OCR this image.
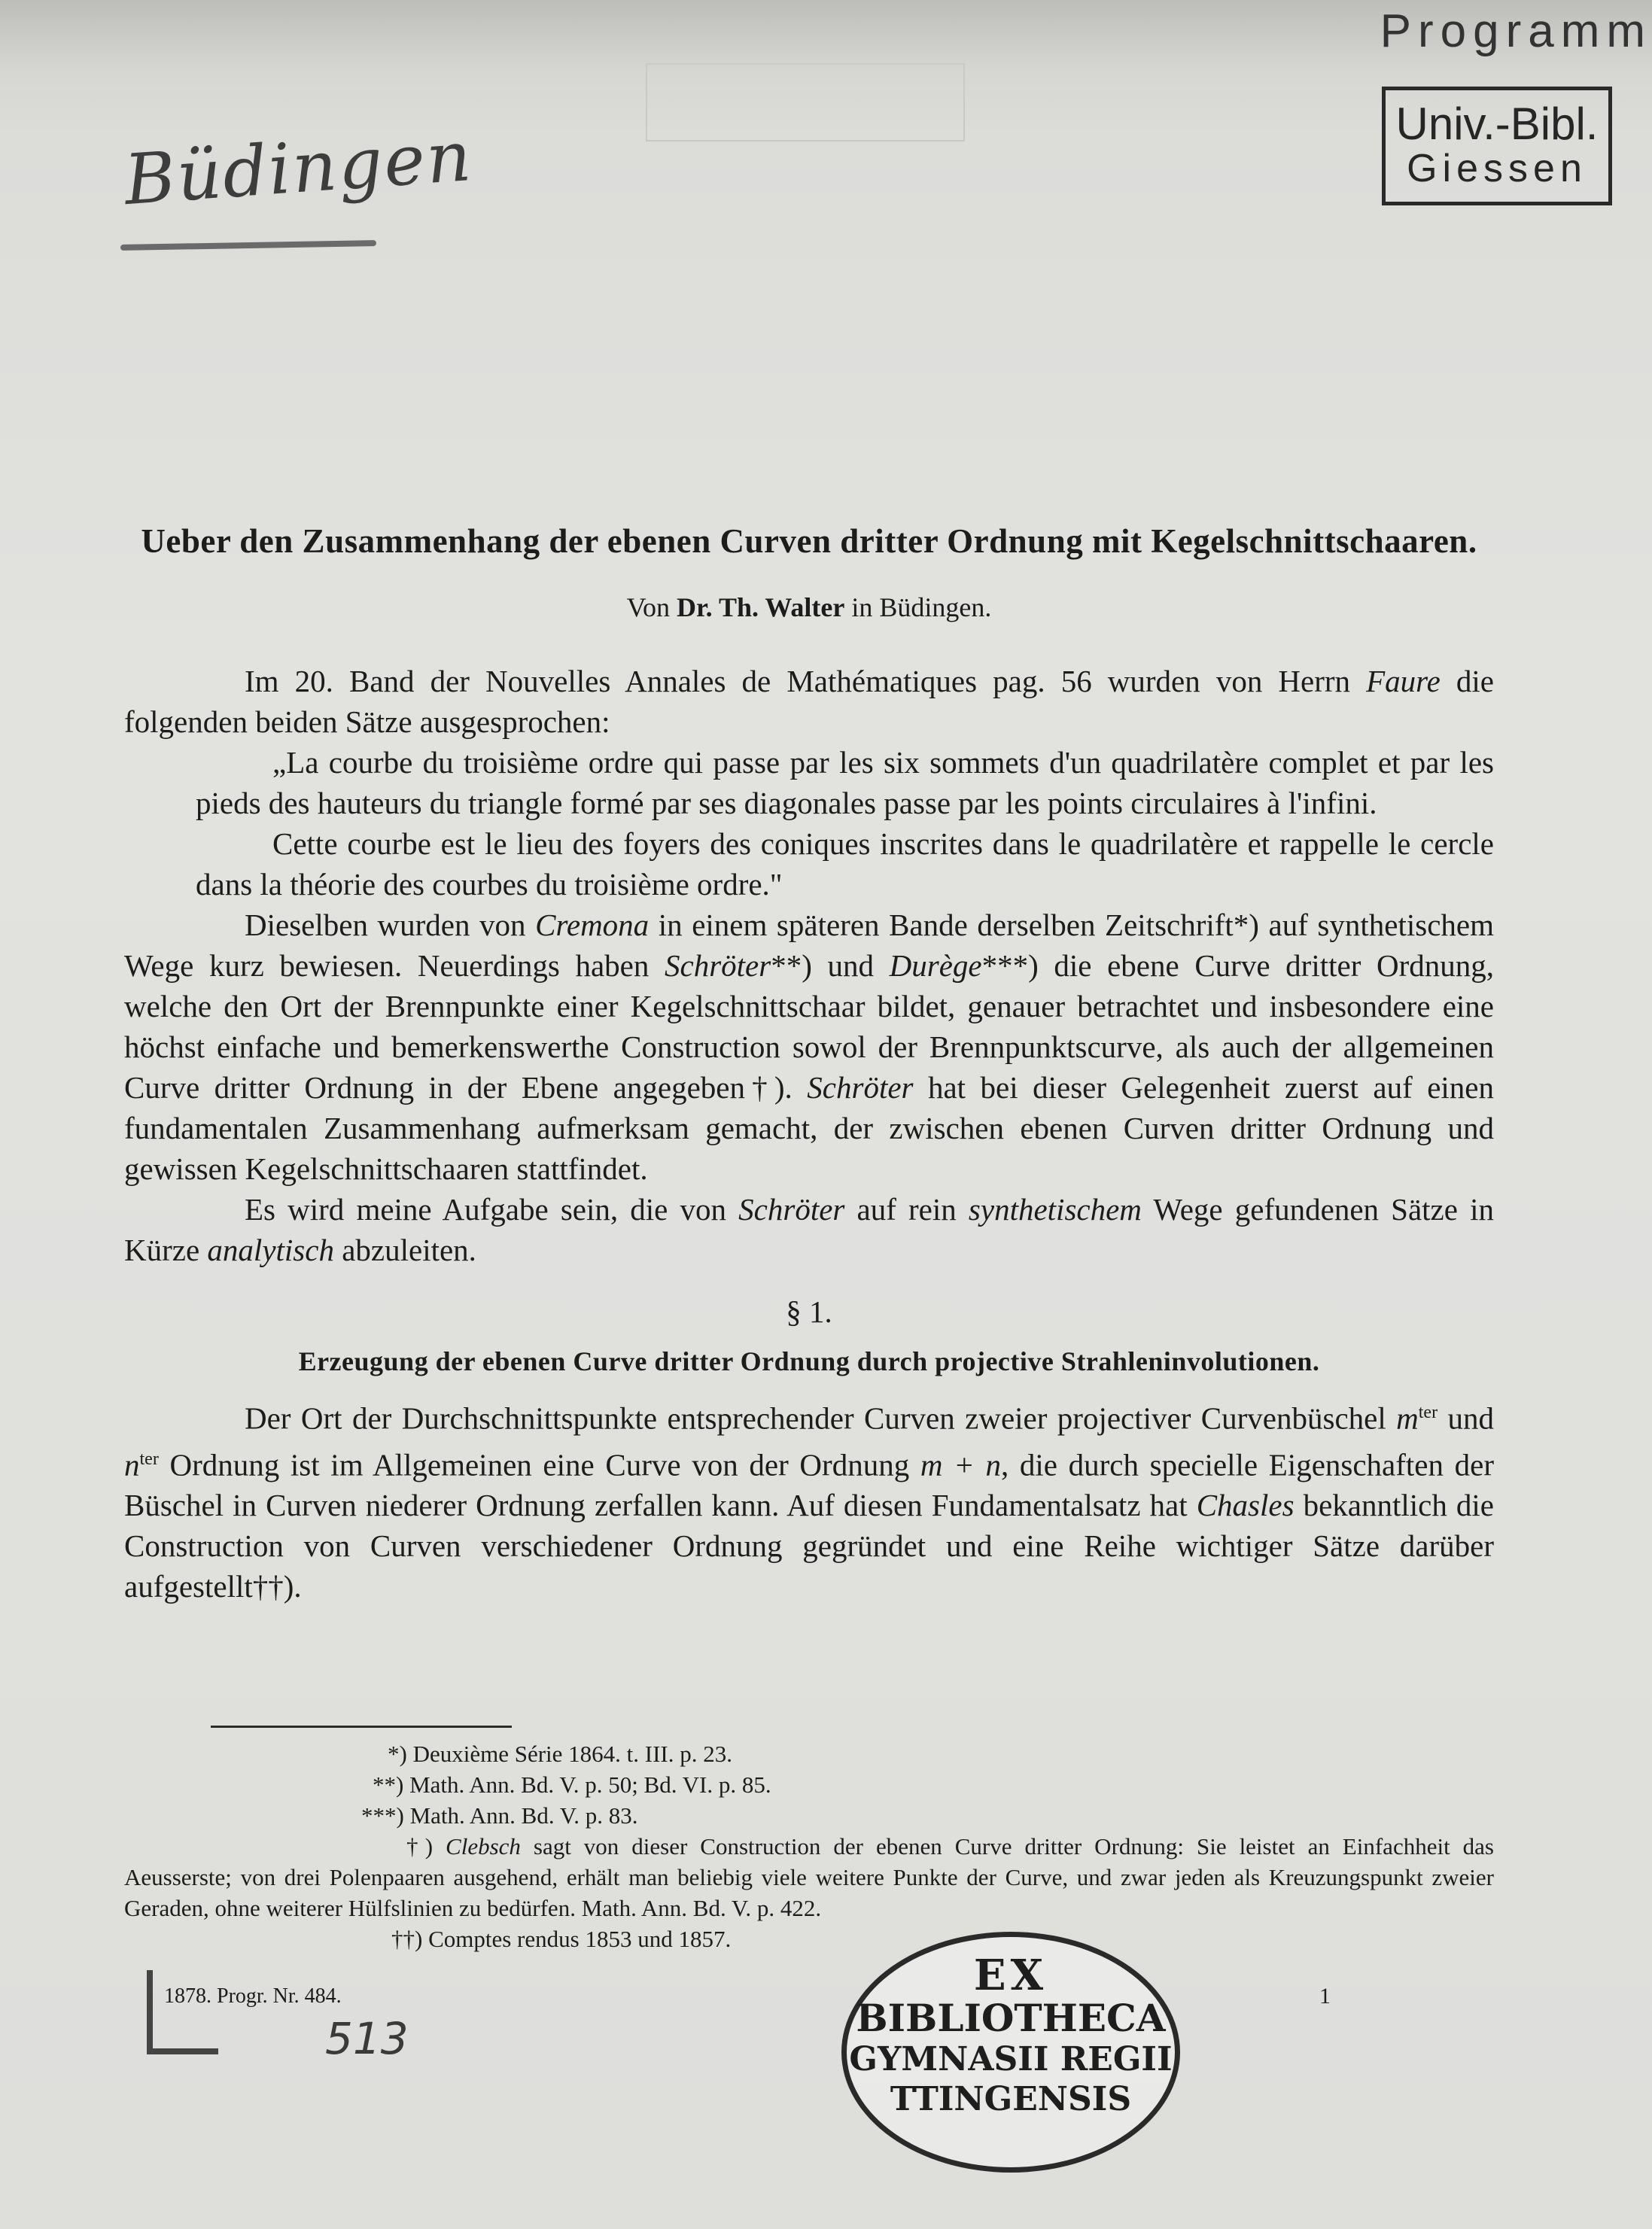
Programm
Univ.-Bibl.
Giessen
Büdingen
Ueber den Zusammenhang der ebenen Curven dritter Ordnung mit Kegelschnittschaaren.
Von Dr. Th. Walter in Büdingen.
Im 20. Band der Nouvelles Annales de Mathématiques pag. 56 wurden von Herrn Faure die folgenden beiden Sätze ausgesprochen:
„La courbe du troisième ordre qui passe par les six sommets d'un quadrilatère complet et par les pieds des hauteurs du triangle formé par ses diagonales passe par les points circulaires à l'infini.
Cette courbe est le lieu des foyers des coniques inscrites dans le quadrilatère et rappelle le cercle dans la théorie des courbes du troisième ordre."
Dieselben wurden von Cremona in einem späteren Bande derselben Zeitschrift*) auf synthetischem Wege kurz bewiesen. Neuerdings haben Schröter**) und Durège***) die ebene Curve dritter Ordnung, welche den Ort der Brennpunkte einer Kegelschnittschaar bildet, genauer betrachtet und insbesondere eine höchst einfache und bemerkenswerthe Construction sowol der Brennpunktscurve, als auch der allgemeinen Curve dritter Ordnung in der Ebene angegeben†). Schröter hat bei dieser Gelegenheit zuerst auf einen fundamentalen Zusammenhang aufmerksam gemacht, der zwischen ebenen Curven dritter Ordnung und gewissen Kegelschnittschaaren stattfindet.
Es wird meine Aufgabe sein, die von Schröter auf rein synthetischem Wege gefundenen Sätze in Kürze analytisch abzuleiten.
§ 1.
Erzeugung der ebenen Curve dritter Ordnung durch projective Strahleninvolutionen.
Der Ort der Durchschnittspunkte entsprechender Curven zweier projectiver Curvenbüschel $m^{ter}$ und $n^{ter}$ Ordnung ist im Allgemeinen eine Curve von der Ordnung m + n, die durch specielle Eigenschaften der Büschel in Curven niederer Ordnung zerfallen kann. Auf diesen Fundamentalsatz hat Chasles bekanntlich die Construction von Curven verschiedener Ordnung gegründet und eine Reihe wichtiger Sätze darüber aufgestellt††).
*) Deuxième Série 1864. t. III. p. 23.
**) Math. Ann. Bd. V. p. 50; Bd. VI. p. 85.
***) Math. Ann. Bd. V. p. 83.
†) Clebsch sagt von dieser Construction der ebenen Curve dritter Ordnung: Sie leistet an Einfachheit das Aeusserste; von drei Polenpaaren ausgehend, erhält man beliebig viele weitere Punkte der Curve, und zwar jeden als Kreuzungspunkt zweier Geraden, ohne weiterer Hülfslinien zu bedürfen. Math. Ann. Bd. V. p. 422.
††) Comptes rendus 1853 und 1857.
1878. Progr. Nr. 484.
513
1
EX
BIBLIOTHECA
GYMNASII REGII
TTINGENSIS
